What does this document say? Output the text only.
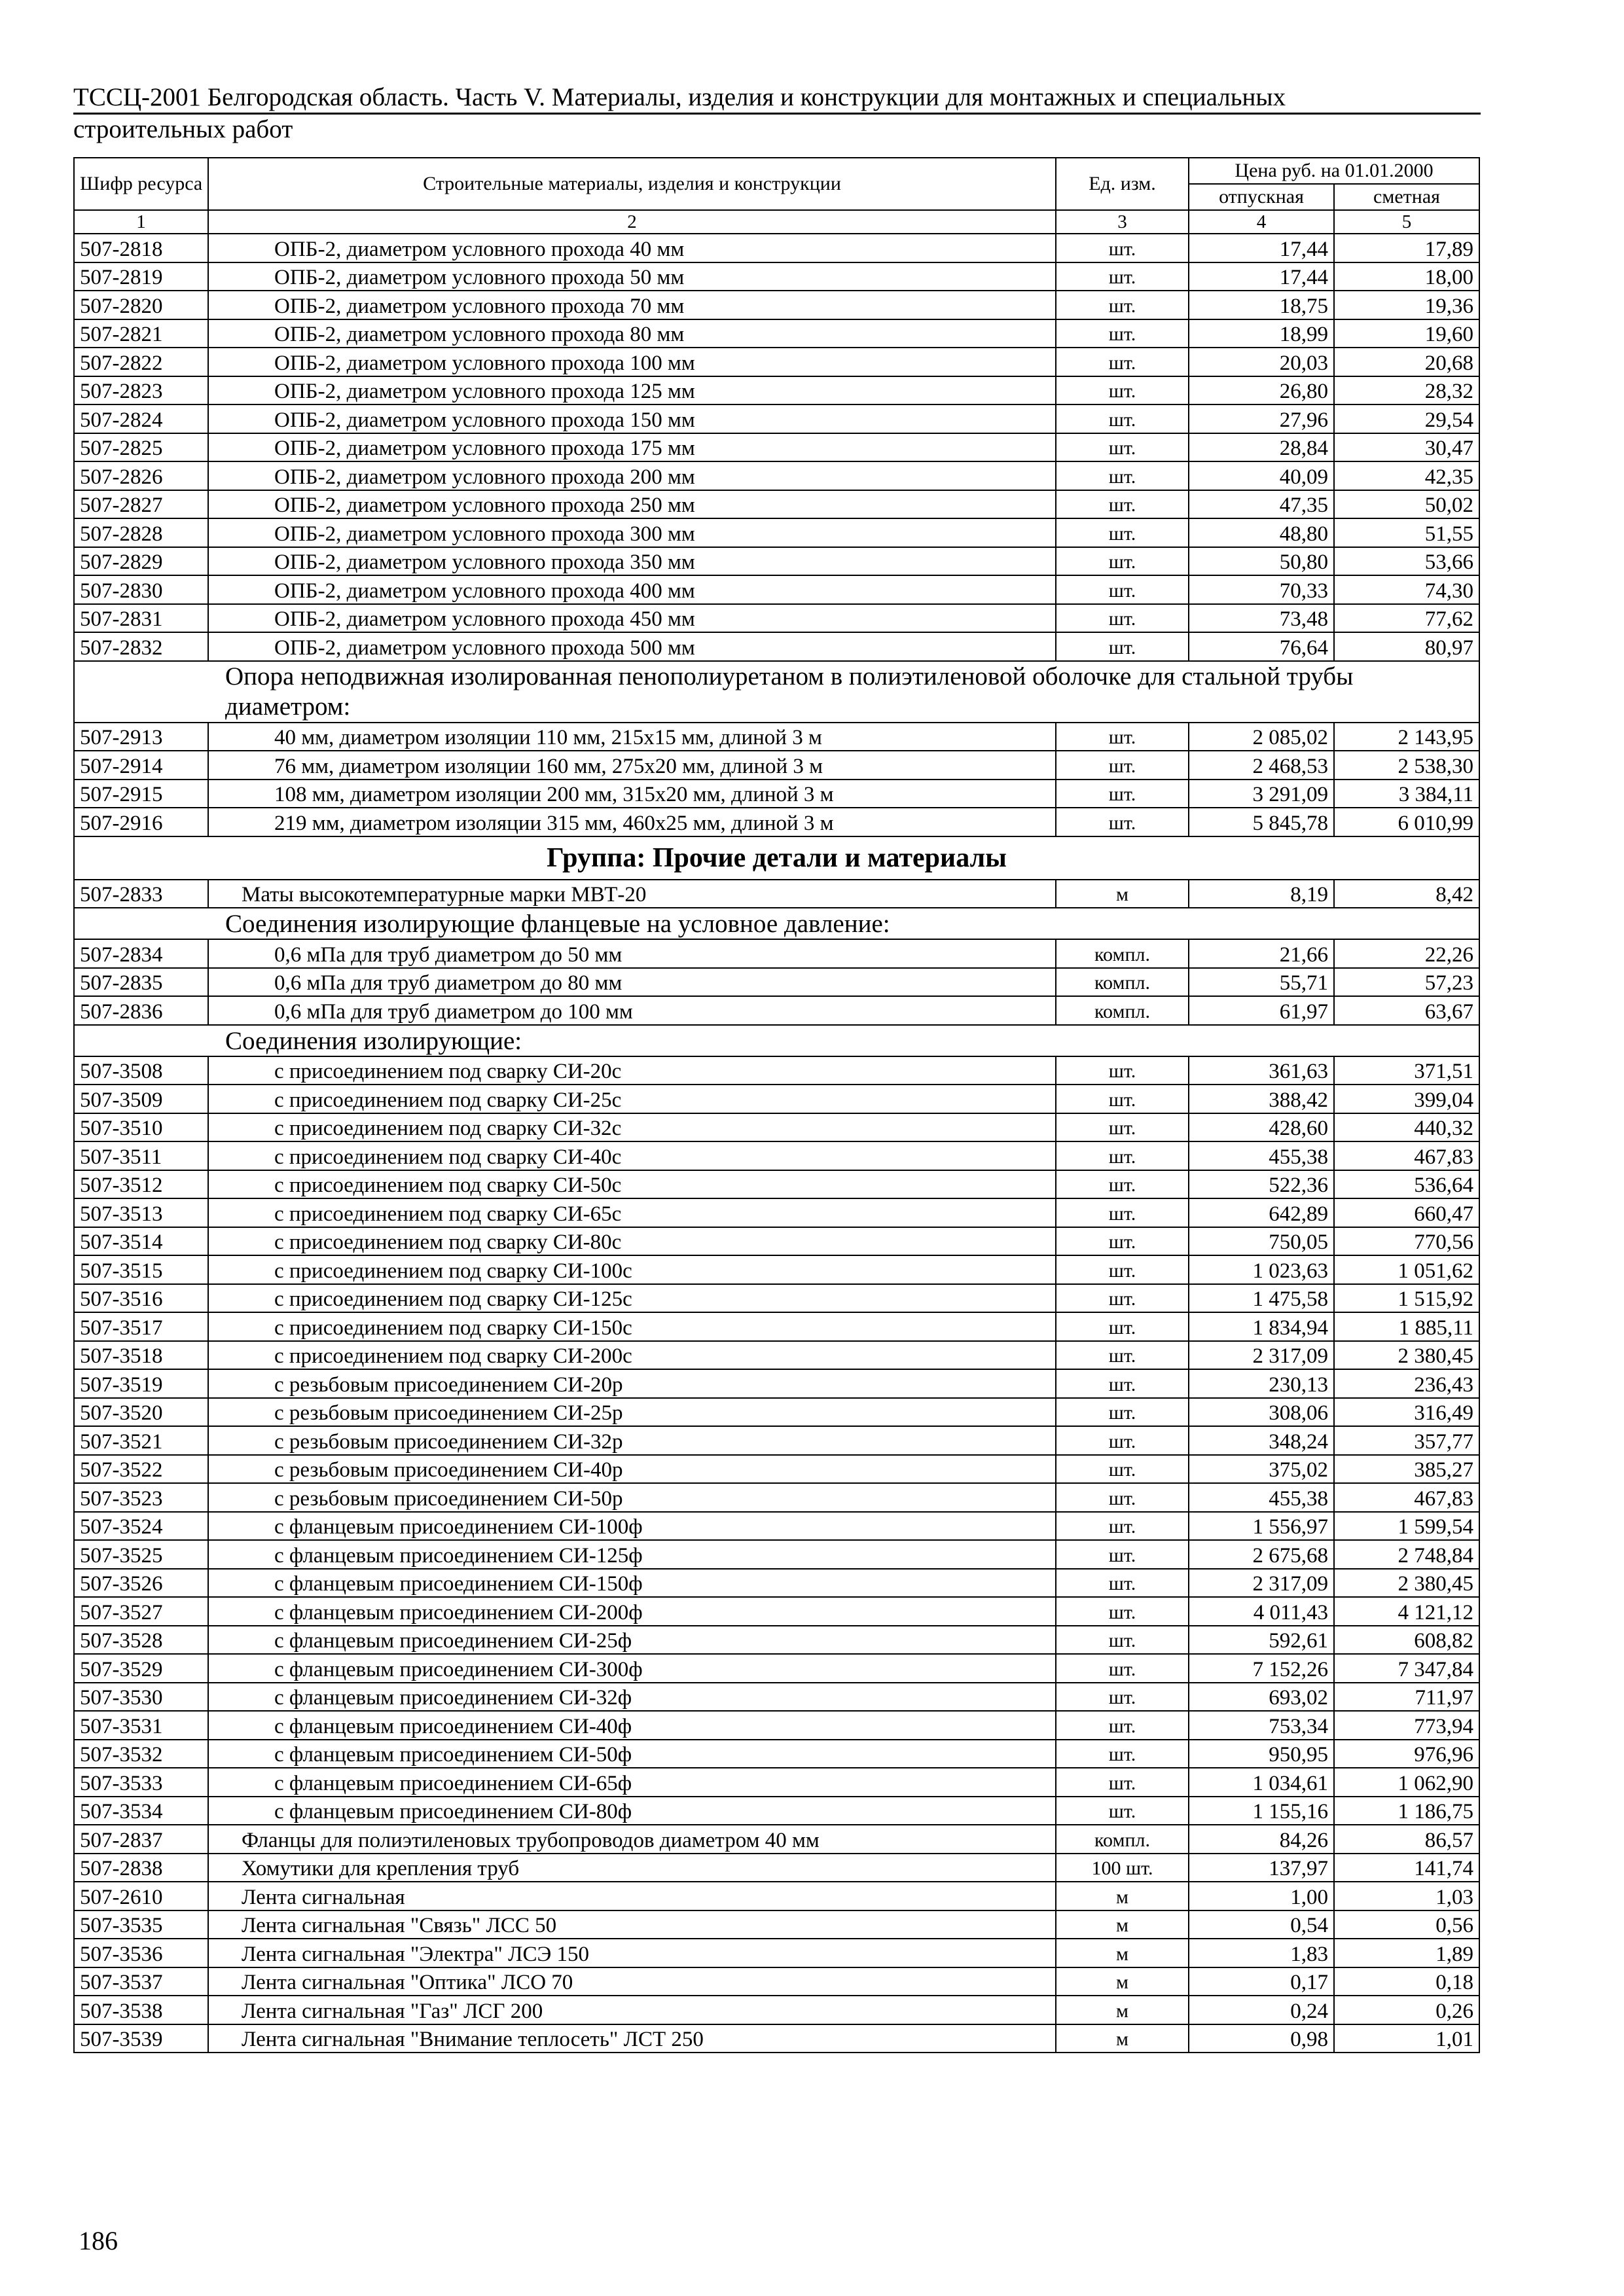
ТССЦ-2001 Белгородская область. Часть V. Материалы, изделия и конструкции для монтажных и специальных
строительных работ
Шифр ресурса	Строительные материалы, изделия и конструкции	Ед. изм.	Цена руб. на 01.01.2000	
			отпускная	сметная
1	2	3	4	5
507-2818	ОПБ-2, диаметром условного прохода 40 мм	шт.	17,44	17,89
507-2819	ОПБ-2, диаметром условного прохода 50 мм	шт.	17,44	18,00
507-2820	ОПБ-2, диаметром условного прохода 70 мм	шт.	18,75	19,36
507-2821	ОПБ-2, диаметром условного прохода 80 мм	шт.	18,99	19,60
507-2822	ОПБ-2, диаметром условного прохода 100 мм	шт.	20,03	20,68
507-2823	ОПБ-2, диаметром условного прохода 125 мм	шт.	26,80	28,32
507-2824	ОПБ-2, диаметром условного прохода 150 мм	шт.	27,96	29,54
507-2825	ОПБ-2, диаметром условного прохода 175 мм	шт.	28,84	30,47
507-2826	ОПБ-2, диаметром условного прохода 200 мм	шт.	40,09	42,35
507-2827	ОПБ-2, диаметром условного прохода 250 мм	шт.	47,35	50,02
507-2828	ОПБ-2, диаметром условного прохода 300 мм	шт.	48,80	51,55
507-2829	ОПБ-2, диаметром условного прохода 350 мм	шт.	50,80	53,66
507-2830	ОПБ-2, диаметром условного прохода 400 мм	шт.	70,33	74,30
507-2831	ОПБ-2, диаметром условного прохода 450 мм	шт.	73,48	77,62
507-2832	ОПБ-2, диаметром условного прохода 500 мм	шт.	76,64	80,97
Опора неподвижная изолированная пенополиуретаном в полиэтиленовой оболочке для стальной трубы диаметром:				
507-2913	40 мм, диаметром изоляции 110 мм, 215х15 мм, длиной 3 м	шт.	2 085,02	2 143,95
507-2914	76 мм, диаметром изоляции 160 мм, 275х20 мм, длиной 3 м	шт.	2 468,53	2 538,30
507-2915	108 мм, диаметром изоляции 200 мм, 315х20 мм, длиной 3 м	шт.	3 291,09	3 384,11
507-2916	219 мм, диаметром изоляции 315 мм, 460х25 мм, длиной 3 м	шт.	5 845,78	6 010,99
Группа: Прочие детали и материалы				
507-2833	Маты высокотемпературные марки МВТ-20	м	8,19	8,42
Соединения изолирующие фланцевые на условное давление:				
507-2834	0,6 мПа для труб диаметром до 50 мм	компл.	21,66	22,26
507-2835	0,6 мПа для труб диаметром до 80 мм	компл.	55,71	57,23
507-2836	0,6 мПа для труб диаметром до 100 мм	компл.	61,97	63,67
Соединения изолирующие:				
507-3508	с присоединением под сварку СИ-20с	шт.	361,63	371,51
507-3509	с присоединением под сварку СИ-25с	шт.	388,42	399,04
507-3510	с присоединением под сварку СИ-32с	шт.	428,60	440,32
507-3511	с присоединением под сварку СИ-40с	шт.	455,38	467,83
507-3512	с присоединением под сварку СИ-50с	шт.	522,36	536,64
507-3513	с присоединением под сварку СИ-65с	шт.	642,89	660,47
507-3514	с присоединением под сварку СИ-80с	шт.	750,05	770,56
507-3515	с присоединением под сварку СИ-100с	шт.	1 023,63	1 051,62
507-3516	с присоединением под сварку СИ-125с	шт.	1 475,58	1 515,92
507-3517	с присоединением под сварку СИ-150с	шт.	1 834,94	1 885,11
507-3518	с присоединением под сварку СИ-200с	шт.	2 317,09	2 380,45
507-3519	с резьбовым присоединением СИ-20р	шт.	230,13	236,43
507-3520	с резьбовым присоединением СИ-25р	шт.	308,06	316,49
507-3521	с резьбовым присоединением СИ-32р	шт.	348,24	357,77
507-3522	с резьбовым присоединением СИ-40р	шт.	375,02	385,27
507-3523	с резьбовым присоединением СИ-50р	шт.	455,38	467,83
507-3524	с фланцевым присоединением СИ-100ф	шт.	1 556,97	1 599,54
507-3525	с фланцевым присоединением СИ-125ф	шт.	2 675,68	2 748,84
507-3526	с фланцевым присоединением СИ-150ф	шт.	2 317,09	2 380,45
507-3527	с фланцевым присоединением СИ-200ф	шт.	4 011,43	4 121,12
507-3528	с фланцевым присоединением СИ-25ф	шт.	592,61	608,82
507-3529	с фланцевым присоединением СИ-300ф	шт.	7 152,26	7 347,84
507-3530	с фланцевым присоединением СИ-32ф	шт.	693,02	711,97
507-3531	с фланцевым присоединением СИ-40ф	шт.	753,34	773,94
507-3532	с фланцевым присоединением СИ-50ф	шт.	950,95	976,96
507-3533	с фланцевым присоединением СИ-65ф	шт.	1 034,61	1 062,90
507-3534	с фланцевым присоединением СИ-80ф	шт.	1 155,16	1 186,75
507-2837	Фланцы для полиэтиленовых трубопроводов диаметром 40 мм	компл.	84,26	86,57
507-2838	Хомутики для крепления труб	100 шт.	137,97	141,74
507-2610	Лента сигнальная	м	1,00	1,03
507-3535	Лента сигнальная "Связь" ЛСС 50	м	0,54	0,56
507-3536	Лента сигнальная "Электра" ЛСЭ 150	м	1,83	1,89
507-3537	Лента сигнальная "Оптика" ЛСО 70	м	0,17	0,18
507-3538	Лента сигнальная "Газ" ЛСГ 200	м	0,24	0,26
507-3539	Лента сигнальная "Внимание теплосеть" ЛСТ 250	м	0,98	1,01
186
